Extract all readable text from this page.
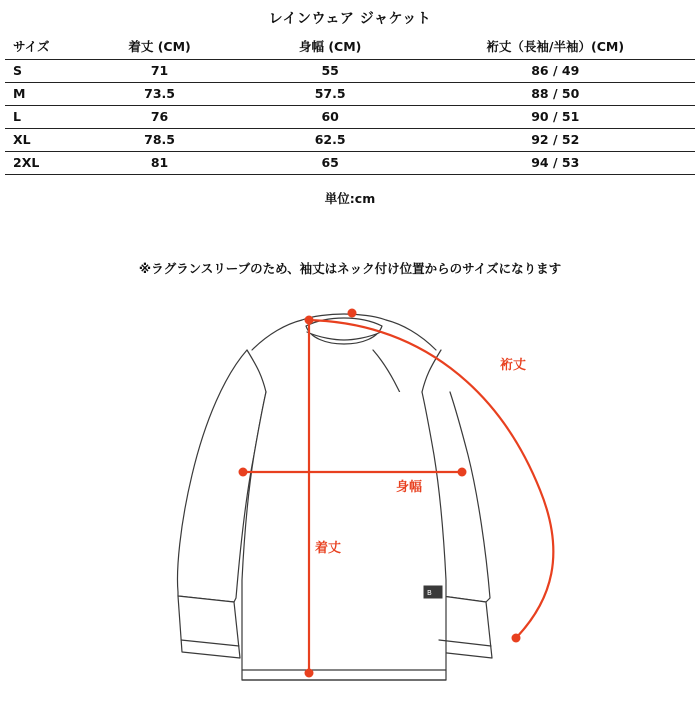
レインウェア ジャケット
サイズ	着丈 (CM)	身幅 (CM)	裄丈（長袖/半袖）(CM)
S	71	55	86 / 49
M	73.5	57.5	88 / 50
L	76	60	90 / 51
XL	78.5	62.5	92 / 52
2XL	81	65	94 / 53
単位:cm
※ラグランスリーブのため、袖丈はネック付け位置からのサイズになります
B
裄丈
身幅
着丈
